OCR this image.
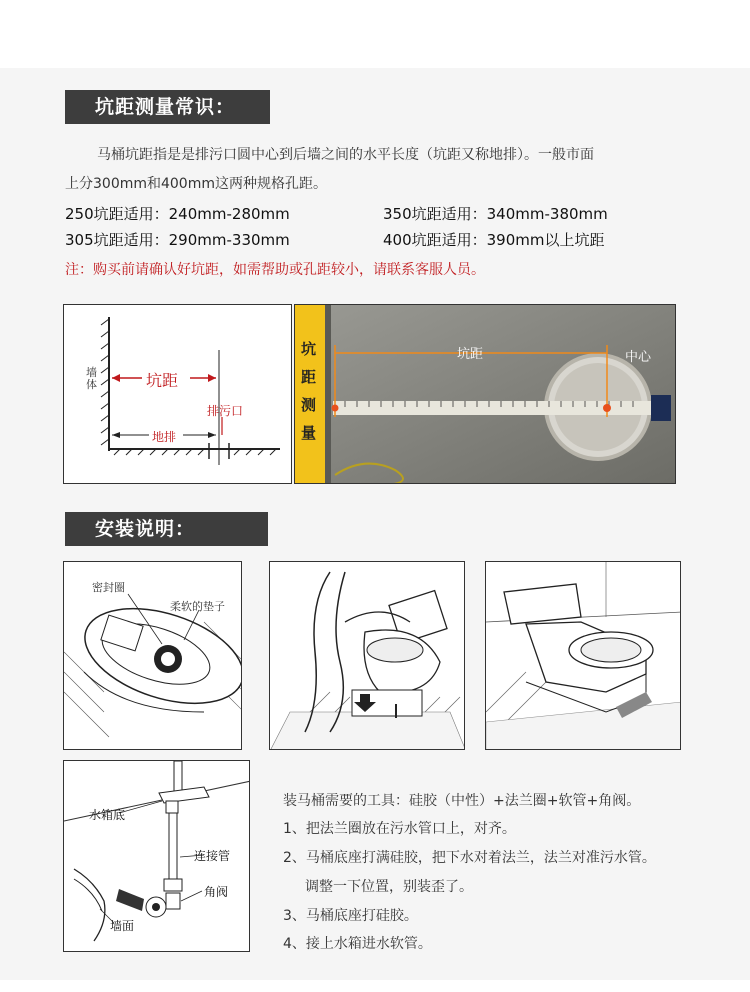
坑距测量常识：
马桶坑距指是是排污口圆中心到后墙之间的水平长度（坑距又称地排）。一般市面
上分300mm和400mm这两种规格孔距。
250坑距适用：240mm-280mm	350坑距适用：340mm-380mm
305坑距适用：290mm-330mm	400坑距适用：390mm以上坑距
注：购买前请确认好坑距，如需帮助或孔距较小，请联系客服人员。
墙体	坑距
排污口
地排
坑距测量
坑距	中心
安装说明：
密封圈
柔软的垫子
水箱底
连接管
角阀
墙面
装马桶需要的工具：硅胶（中性）+法兰圈+软管+角阀。
1、把法兰圈放在污水管口上，对齐。
2、马桶底座打满硅胶，把下水对着法兰，法兰对准污水管。
调整一下位置，别装歪了。
3、马桶底座打硅胶。
4、接上水箱进水软管。
